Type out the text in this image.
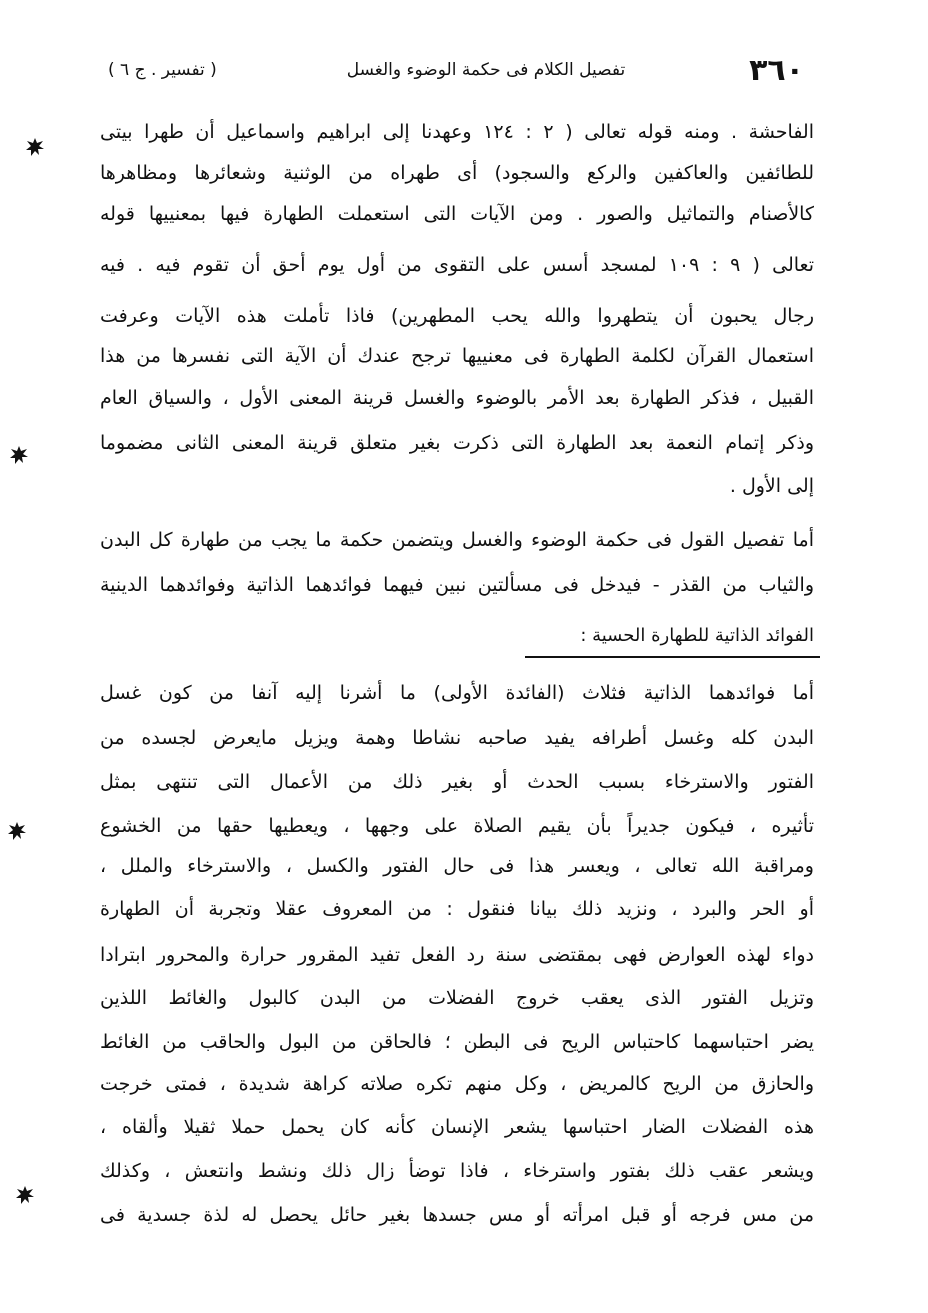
٣٦٠
تفصيل الكلام فى حكمة الوضوء والغسل
( تفسير . ج ٦ )
الفاحشة . ومنه قوله تعالى ( ٢ : ١٢٤ وعهدنا إلى ابراهيم واسماعيل أن طهرا بيتى
للطائفين والعاكفين والركع والسجود) أى طهراه من الوثنية وشعائرها ومظاهرها
كالأصنام والتماثيل والصور . ومن الآيات التى استعملت الطهارة فيها بمعنييها قوله
تعالى ( ٩ : ١٠٩ لمسجد أسس على التقوى من أول يوم أحق أن تقوم فيه . فيه
رجال يحبون أن يتطهروا والله يحب المطهرين) فاذا تأملت هذه الآيات وعرفت
استعمال القرآن لكلمة الطهارة فى معنييها ترجح عندك أن الآية التى نفسرها من هذا
القبيل ، فذكر الطهارة بعد الأمر بالوضوء والغسل قرينة المعنى الأول ، والسياق العام
وذكر إتمام النعمة بعد الطهارة التى ذكرت بغير متعلق قرينة المعنى الثانى مضموما
إلى الأول .
أما تفصيل القول فى حكمة الوضوء والغسل ويتضمن حكمة ما يجب من طهارة كل البدن
والثياب من القذر - فيدخل فى مسألتين نبين فيهما فوائدهما الذاتية وفوائدهما الدينية
الفوائد الذاتية للطهارة الحسية :
أما فوائدهما الذاتية فثلاث (الفائدة الأولى) ما أشرنا إليه آنفا من كون غسل
البدن كله وغسل أطرافه يفيد صاحبه نشاطا وهمة ويزيل مايعرض لجسده من
الفتور والاسترخاء بسبب الحدث أو بغير ذلك من الأعمال التى تنتهى بمثل
تأثيره ، فيكون جديراً بأن يقيم الصلاة على وجهها ، ويعطيها حقها من الخشوع
ومراقبة الله تعالى ، ويعسر هذا فى حال الفتور والكسل ، والاسترخاء والملل ،
أو الحر والبرد ، ونزيد ذلك بيانا فنقول : من المعروف عقلا وتجربة أن الطهارة
دواء لهذه العوارض فهى بمقتضى سنة رد الفعل تفيد المقرور حرارة والمحرور ابترادا
وتزيل الفتور الذى يعقب خروج الفضلات من البدن كالبول والغائط اللذين
يضر احتباسهما كاحتباس الريح فى البطن ؛ فالحاقن من البول والحاقب من الغائط
والحازق من الريح كالمريض ، وكل منهم تكره صلاته كراهة شديدة ، فمتى خرجت
هذه الفضلات الضار احتباسها يشعر الإنسان كأنه كان يحمل حملا ثقيلا وألقاه ،
ويشعر عقب ذلك بفتور واسترخاء ، فاذا توضأ زال ذلك ونشط وانتعش ، وكذلك
من مس فرجه أو قبل امرأته أو مس جسدها بغير حائل يحصل له لذة جسدية فى
